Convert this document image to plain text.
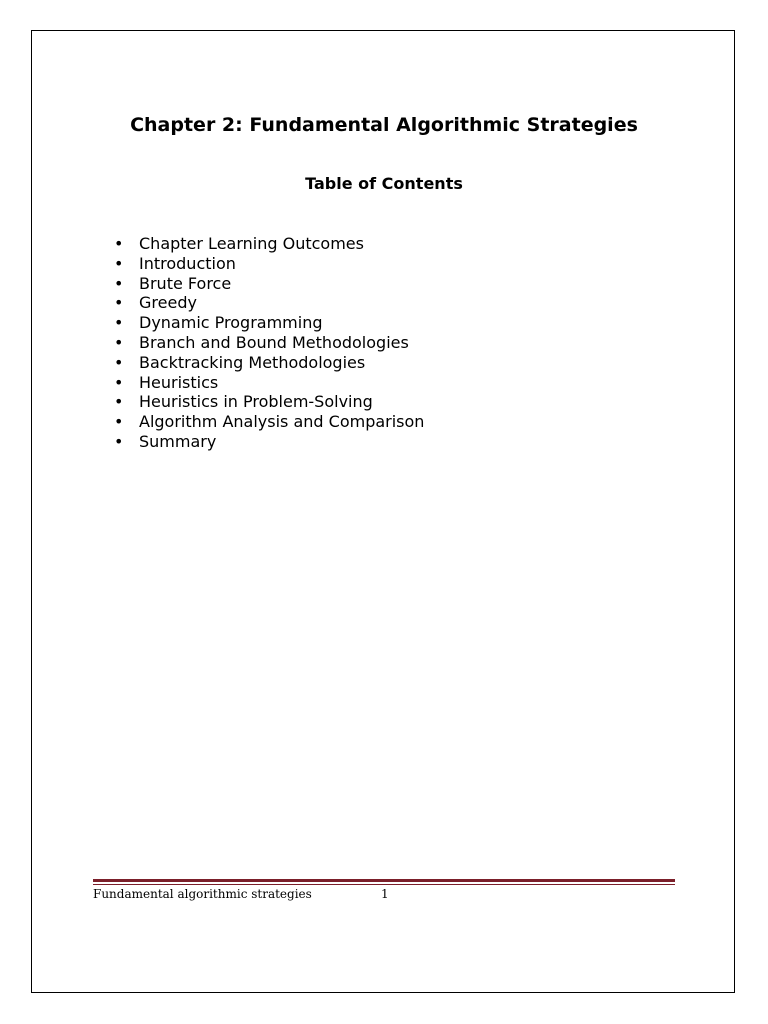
Chapter 2: Fundamental Algorithmic Strategies
Table of Contents
• Chapter Learning Outcomes
• Introduction
• Brute Force
• Greedy
• Dynamic Programming
• Branch and Bound Methodologies
• Backtracking Methodologies
• Heuristics
• Heuristics in Problem-Solving
• Algorithm Analysis and Comparison
• Summary
Fundamental algorithmic strategies	1
